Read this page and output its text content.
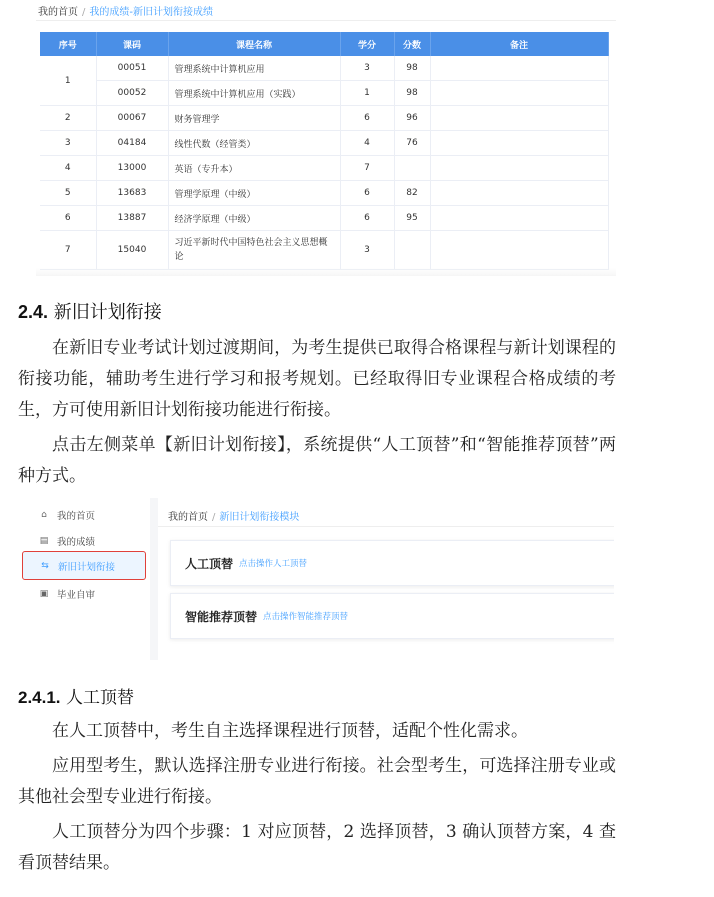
我的首页 / 我的成绩-新旧计划衔接成绩
序号	课码	课程名称	学分	分数	备注
1	00051	管理系统中计算机应用	3	98	
	00052	管理系统中计算机应用（实践）	1	98	
2	00067	财务管理学	6	96	
3	04184	线性代数（经管类）	4	76	
4	13000	英语（专升本）	7		
5	13683	管理学原理（中级）	6	82	
6	13887	经济学原理（中级）	6	95	
7	15040	习近平新时代中国特色社会主义思想概论	3		
2.4. 新旧计划衔接

在新旧专业考试计划过渡期间，为考生提供已取得合格课程与新计划课程的衔接功能，辅助考生进行学习和报考规划。已经取得旧专业课程合格成绩的考生，方可使用新旧计划衔接功能进行衔接。

点击左侧菜单【新旧计划衔接】，系统提供“人工顶替”和“智能推荐顶替”两种方式。

⌂	我的首页
▤ 我的成绩
⇆ 新旧计划衔接
▣ 毕业自审
我的首页 / 新旧计划衔接模块
人工顶替 点击操作人工顶替
智能推荐顶替 点击操作智能推荐顶替
2.4.1. 人工顶替

在人工顶替中，考生自主选择课程进行顶替，适配个性化需求。

应用型考生，默认选择注册专业进行衔接。社会型考生，可选择注册专业或其他社会型专业进行衔接。

人工顶替分为四个步骤：1 对应顶替，2 选择顶替，3 确认顶替方案，4 查看顶替结果。
